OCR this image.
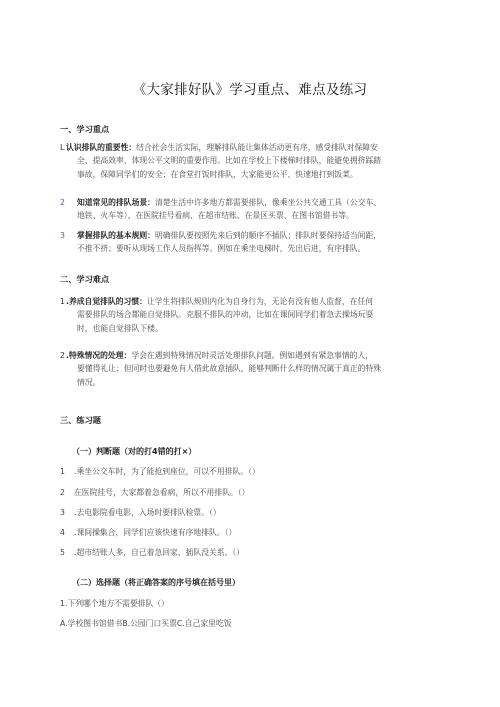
《大家排好队》学习重点、难点及练习
一、学习重点
L 认识排队的重要性：结合社会生活实际，理解排队能让集体活动更有序，感受排队对保障安
全、提高效率、体现公平文明的重要作用。比如在学校上下楼梯时排队，能避免拥挤踩踏
事故，保障同学们的安全；在食堂打饭时排队，大家能更公平、快速地打到饭菜。
2 知道常见的排队场景：清楚生活中许多地方都需要排队，像乘坐公共交通工具（公交车、
地铁、火车等）、在医院挂号看病、在超市结账、在景区买票、在图书馆借书等。
3 掌握排队的基本规则：明确排队要按照先来后到的顺序不插队；排队时要保持适当间距，
不推不挤；要听从现场工作人员指挥等。例如在乘坐电梯时，先出后进，有序排队。
二、学习难点
1.养成自觉排队的习惯：让学生将排队规则内化为自身行为，无论有没有他人监督，在任何
需要排队的场合都能自觉排队。克服不排队的冲动，比如在课间同学们着急去操场玩耍
时，也能自觉排队下楼。
2.特殊情况的处理：学会在遇到特殊情况时灵活处理排队问题。例如遇到有紧急事情的人，
要懂得礼让；但同时也要避免有人借此故意插队，能够判断什么样的情况属于真正的特殊
情况。
三、练习题
（一）判断题（对的打4错的打×）
1 .乘坐公交车时，为了能抢到座位，可以不用排队。（）
2 在医院挂号，大家都着急看病，所以不用排队。（）
3 .去电影院看电影，入场时要排队检票。（）
4 .课间操集合，同学们应该快速有序地排队。（）
5 .超市结账人多，自己着急回家，插队没关系。（）
（二）选择题（将正确答案的序号填在括号里）
1.下列哪个地方不需要排队（）
A.学校图书馆借书B.公园门口买票C.自己家里吃饭
